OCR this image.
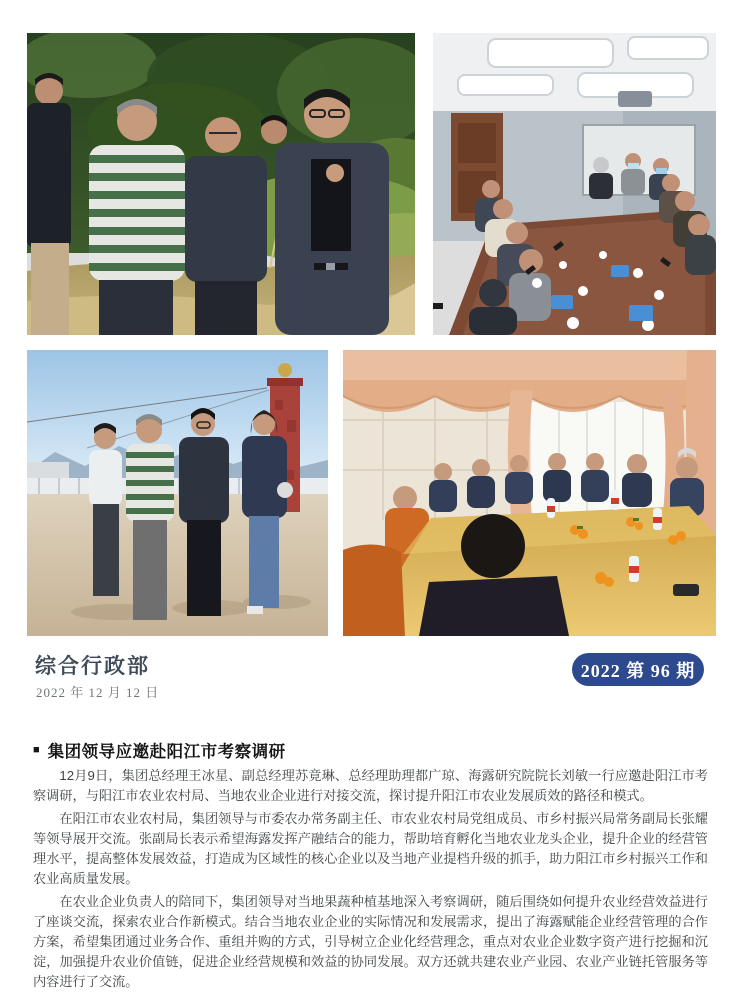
综合行政部
2022 年 12 月 12 日
2022 第 96 期
■ 集团领导应邀赴阳江市考察调研

12月9日，集团总经理王冰星、副总经理苏竟琳、总经理助理都广琼、海露研究院院长刘敏一行应邀赴阳江市考察调研，与阳江市农业农村局、当地农业企业进行对接交流，探讨提升阳江市农业发展质效的路径和模式。

在阳江市农业农村局，集团领导与市委农办常务副主任、市农业农村局党组成员、市乡村振兴局常务副局长张耀等领导展开交流。张副局长表示希望海露发挥产融结合的能力，帮助培育孵化当地农业龙头企业，提升企业的经营管理水平，提高整体发展效益，打造成为区域性的核心企业以及当地产业提档升级的抓手，助力阳江市乡村振兴工作和农业高质量发展。

在农业企业负责人的陪同下，集团领导对当地果蔬种植基地深入考察调研，随后围绕如何提升农业经营效益进行了座谈交流，探索农业合作新模式。结合当地农业企业的实际情况和发展需求，提出了海露赋能企业经营管理的合作方案，希望集团通过业务合作、重组并购的方式，引导树立企业化经营理念，重点对农业企业数字资产进行挖掘和沉淀，加强提升农业价值链，促进企业经营规模和效益的协同发展。双方还就共建农业产业园、农业产业链托管服务等内容进行了交流。
